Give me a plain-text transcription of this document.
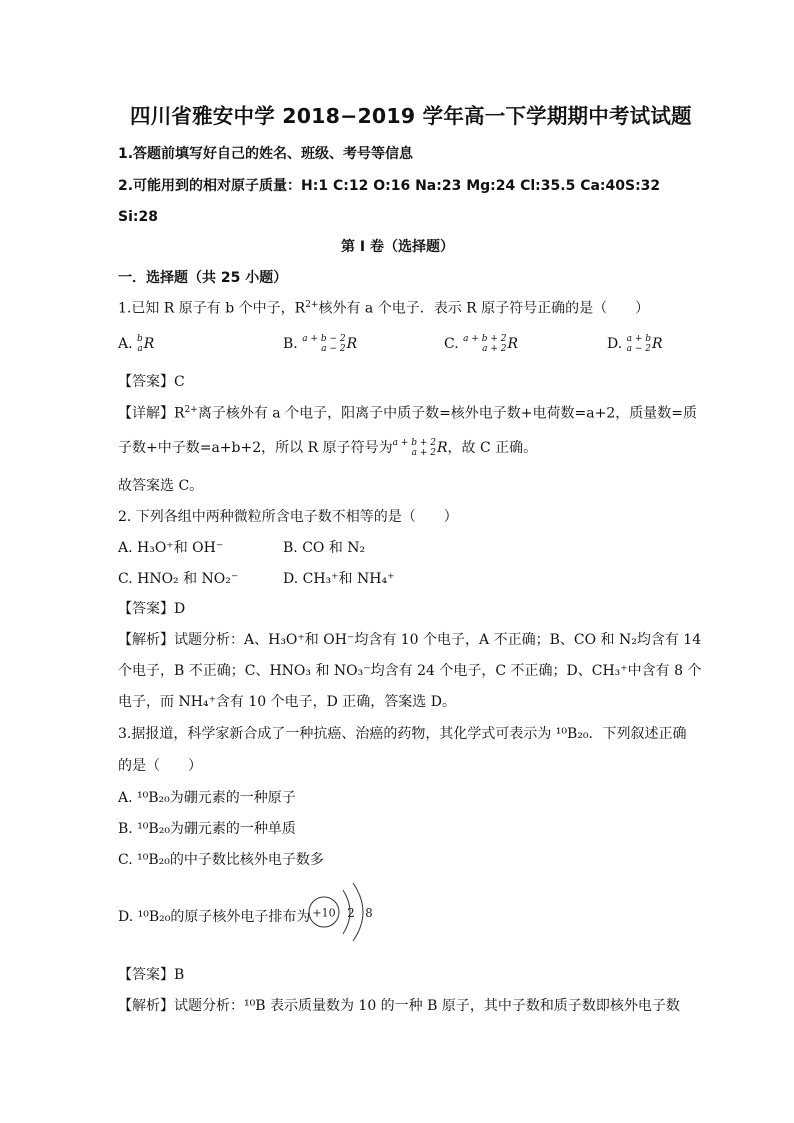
四川省雅安中学 2018−2019 学年高一下学期期中考试试题
1.答题前填写好自己的姓名、班级、考号等信息
2.可能用到的相对原子质量：H:1 C:12 O:16 Na:23 Mg:24 Cl:35.5 Ca:40S:32
Si:28
第 I 卷（选择题）
一．选择题（共 25 小题）
1.已知 R 原子有 b 个中子，$R^{2+}$核外有 a 个电子．表示 R 原子符号正确的是（　　）
A. b
a R	B. a + b − 2
a − 2 R	C. a + b + 2
a + 2 R	D. a + b
a − 2 R
【答案】C
【详解】$R^{2+}$离子核外有 a 个电子，阳离子中质子数=核外电子数+电荷数=a+2，质量数=质
子数+中子数=a+b+2，所以 R 原子符号为 a + b + 2
a + 2 R，故 C 正确。
故答案选 C。
2. 下列各组中两种微粒所含电子数不相等的是（　　）
A. H₃O⁺和 OH⁻	B. CO 和 N₂
C. HNO₂ 和 NO₂⁻	D. CH₃⁺和 NH₄⁺
【答案】D
【解析】试题分析：A、H₃O⁺和 OH⁻均含有 10 个电子，A 不正确；B、CO 和 N₂均含有 14
个电子，B 不正确；C、HNO₃ 和 NO₃⁻均含有 24 个电子，C 不正确；D、CH₃⁺中含有 8 个
电子，而 NH₄⁺含有 10 个电子，D 正确，答案选 D。
3.据报道，科学家新合成了一种抗癌、治癌的药物，其化学式可表示为 ¹⁰B₂₀．下列叙述正确
的是（　　）
A. ¹⁰B₂₀为硼元素的一种原子
B. ¹⁰B₂₀为硼元素的一种单质
C. ¹⁰B₂₀的中子数比核外电子数多
D. ¹⁰B₂₀的原子核外电子排布为 +10 2 8
【答案】B
【解析】试题分析：¹⁰B 表示质量数为 10 的一种 B 原子，其中子数和质子数即核外电子数
